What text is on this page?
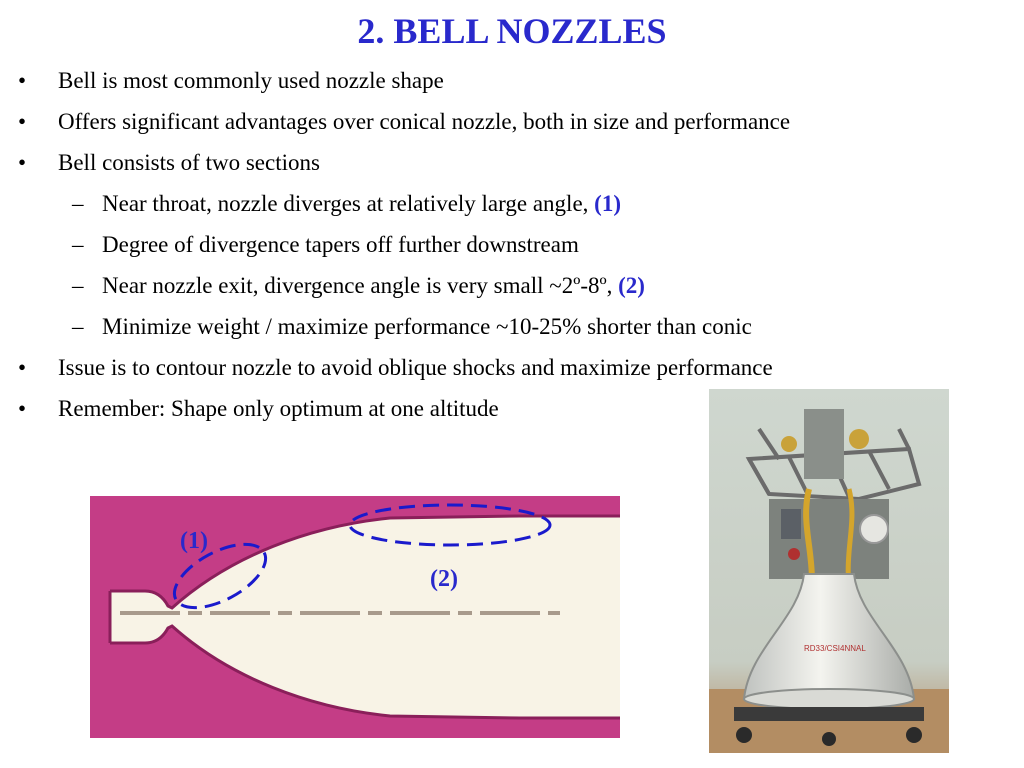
2. BELL NOZZLES
• Bell is most commonly used nozzle shape
• Offers significant advantages over conical nozzle, both in size and performance
• Bell consists of two sections
– Near throat, nozzle diverges at relatively large angle, (1)
– Degree of divergence tapers off further downstream
– Near nozzle exit, divergence angle is very small ~2º-8º, (2)
– Minimize weight / maximize performance ~10-25% shorter than conic
• Issue is to contour nozzle to avoid oblique shocks and maximize performance
• Remember: Shape only optimum at one altitude
(1)
(2)
RD33/CSI4NNAL
